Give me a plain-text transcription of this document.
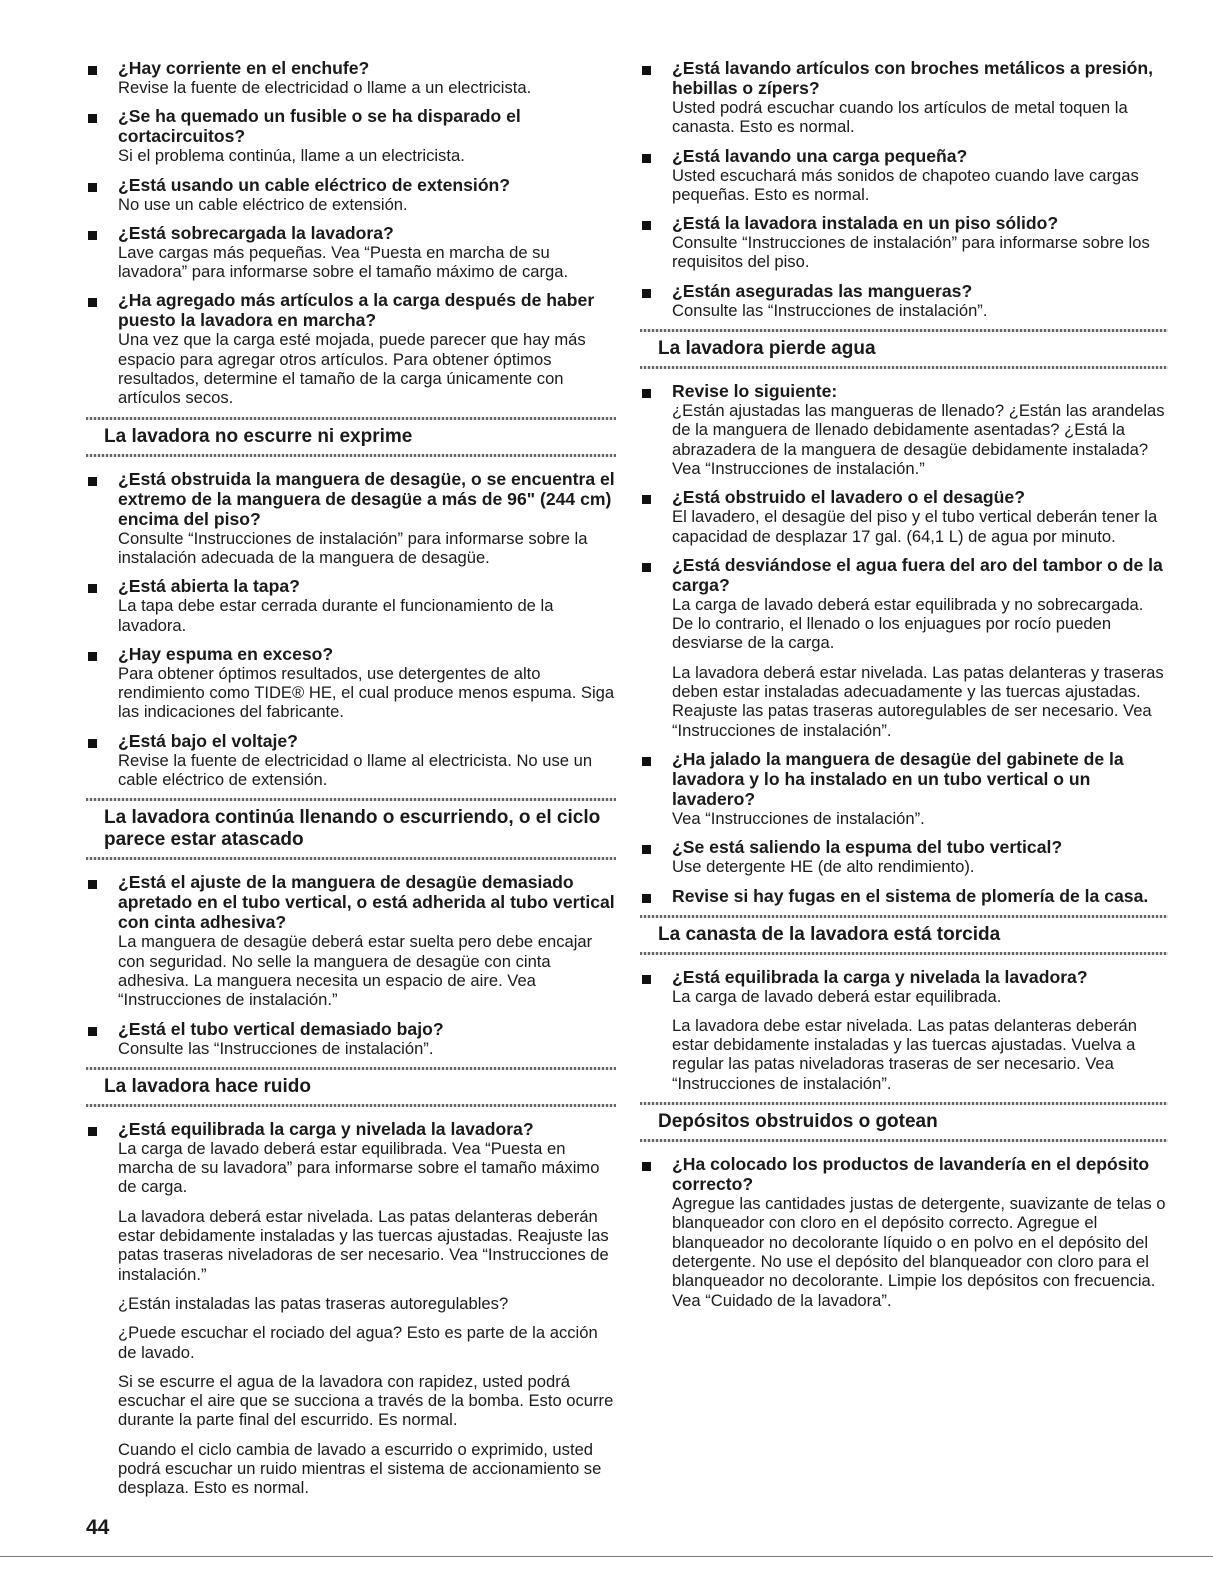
¿Hay corriente en el enchufe?
Revise la fuente de electricidad o llame a un electricista.
¿Se ha quemado un fusible o se ha disparado el cortacircuitos?
Si el problema continúa, llame a un electricista.
¿Está usando un cable eléctrico de extensión?
No use un cable eléctrico de extensión.
¿Está sobrecargada la lavadora?
Lave cargas más pequeñas. Vea “Puesta en marcha de su lavadora” para informarse sobre el tamaño máximo de carga.
¿Ha agregado más artículos a la carga después de haber puesto la lavadora en marcha?
Una vez que la carga esté mojada, puede parecer que hay más espacio para agregar otros artículos. Para obtener óptimos resultados, determine el tamaño de la carga únicamente con artículos secos.
La lavadora no escurre ni exprime
¿Está obstruida la manguera de desagüe, o se encuentra el extremo de la manguera de desagüe a más de 96" (244 cm) encima del piso?
Consulte “Instrucciones de instalación” para informarse sobre la instalación adecuada de la manguera de desagüe.
¿Está abierta la tapa?
La tapa debe estar cerrada durante el funcionamiento de la lavadora.
¿Hay espuma en exceso?
Para obtener óptimos resultados, use detergentes de alto rendimiento como TIDE® HE, el cual produce menos espuma. Siga las indicaciones del fabricante.
¿Está bajo el voltaje?
Revise la fuente de electricidad o llame al electricista. No use un cable eléctrico de extensión.
La lavadora continúa llenando o escurriendo, o el ciclo parece estar atascado
¿Está el ajuste de la manguera de desagüe demasiado apretado en el tubo vertical, o está adherida al tubo vertical con cinta adhesiva?
La manguera de desagüe deberá estar suelta pero debe encajar con seguridad. No selle la manguera de desagüe con cinta adhesiva. La manguera necesita un espacio de aire. Vea “Instrucciones de instalación.”
¿Está el tubo vertical demasiado bajo?
Consulte las “Instrucciones de instalación”.
La lavadora hace ruido
¿Está equilibrada la carga y nivelada la lavadora?
La carga de lavado deberá estar equilibrada. Vea “Puesta en marcha de su lavadora” para informarse sobre el tamaño máximo de carga.
La lavadora deberá estar nivelada. Las patas delanteras deberán estar debidamente instaladas y las tuercas ajustadas. Reajuste las patas traseras niveladoras de ser necesario. Vea “Instrucciones de instalación.”
¿Están instaladas las patas traseras autoregulables?
¿Puede escuchar el rociado del agua? Esto es parte de la acción de lavado.
Si se escurre el agua de la lavadora con rapidez, usted podrá escuchar el aire que se succiona a través de la bomba. Esto ocurre durante la parte final del escurrido. Es normal.
Cuando el ciclo cambia de lavado a escurrido o exprimido, usted podrá escuchar un ruido mientras el sistema de accionamiento se desplaza. Esto es normal.
¿Está lavando artículos con broches metálicos a presión, hebillas o zípers?
Usted podrá escuchar cuando los artículos de metal toquen la canasta. Esto es normal.
¿Está lavando una carga pequeña?
Usted escuchará más sonidos de chapoteo cuando lave cargas pequeñas. Esto es normal.
¿Está la lavadora instalada en un piso sólido?
Consulte “Instrucciones de instalación” para informarse sobre los requisitos del piso.
¿Están aseguradas las mangueras?
Consulte las “Instrucciones de instalación”.
La lavadora pierde agua
Revise lo siguiente:
¿Están ajustadas las mangueras de llenado? ¿Están las arandelas de la manguera de llenado debidamente asentadas? ¿Está la abrazadera de la manguera de desagüe debidamente instalada? Vea “Instrucciones de instalación.”
¿Está obstruido el lavadero o el desagüe?
El lavadero, el desagüe del piso y el tubo vertical deberán tener la capacidad de desplazar 17 gal. (64,1 L) de agua por minuto.
¿Está desviándose el agua fuera del aro del tambor o de la carga?
La carga de lavado deberá estar equilibrada y no sobrecargada. De lo contrario, el llenado o los enjuagues por rocío pueden desviarse de la carga.
La lavadora deberá estar nivelada. Las patas delanteras y traseras deben estar instaladas adecuadamente y las tuercas ajustadas. Reajuste las patas traseras autoregulables de ser necesario. Vea “Instrucciones de instalación”.
¿Ha jalado la manguera de desagüe del gabinete de la lavadora y lo ha instalado en un tubo vertical o un lavadero?
Vea “Instrucciones de instalación”.
¿Se está saliendo la espuma del tubo vertical?
Use detergente HE (de alto rendimiento).
Revise si hay fugas en el sistema de plomería de la casa.
La canasta de la lavadora está torcida
¿Está equilibrada la carga y nivelada la lavadora?
La carga de lavado deberá estar equilibrada.
La lavadora debe estar nivelada. Las patas delanteras deberán estar debidamente instaladas y las tuercas ajustadas. Vuelva a regular las patas niveladoras traseras de ser necesario. Vea “Instrucciones de instalación”.
Depósitos obstruidos o gotean
¿Ha colocado los productos de lavandería en el depósito correcto?
Agregue las cantidades justas de detergente, suavizante de telas o blanqueador con cloro en el depósito correcto. Agregue el blanqueador no decolorante líquido o en polvo en el depósito del detergente. No use el depósito del blanqueador con cloro para el blanqueador no decolorante. Limpie los depósitos con frecuencia. Vea “Cuidado de la lavadora”.
44
